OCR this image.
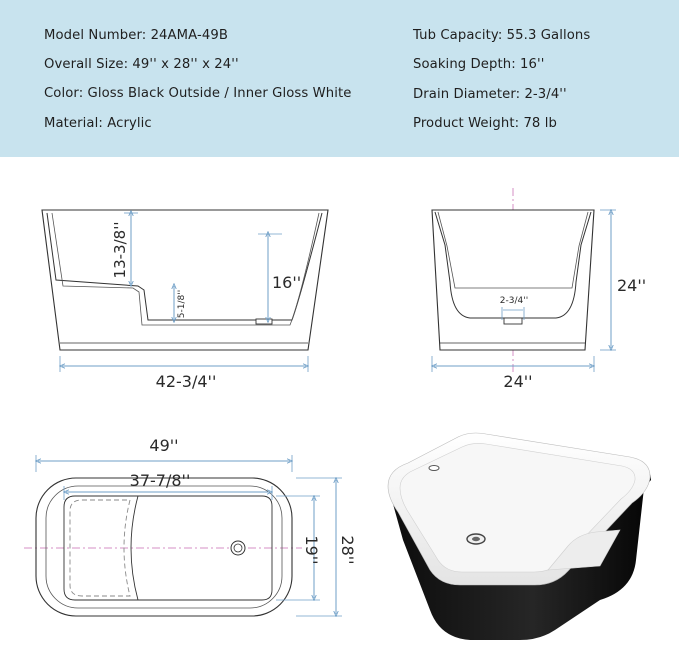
Model Number: 24AMA-49B
Overall Size: 49'' x 28'' x 24''
Color: Gloss Black Outside / Inner Gloss White
Material: Acrylic
Tub Capacity: 55.3 Gallons
Soaking Depth: 16''
Drain Diameter: 2-3/4''
Product Weight: 78 lb
13-3/8''
5-1/8''
16''
42-3/4''
2-3/4''
24''
24''
49''
37-7/8''
19'' 28''
